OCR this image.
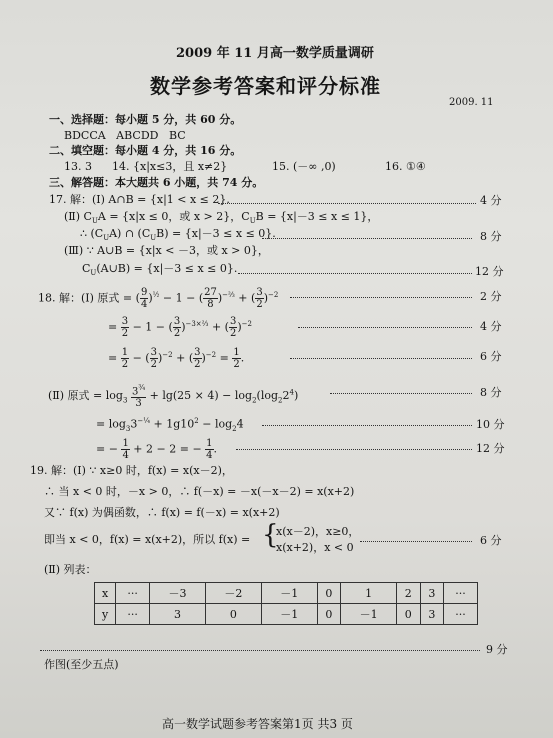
2009 年 11 月高一数学质量调研
数学参考答案和评分标准
2009. 11
一、选择题：每小题 5 分，共 60 分。
BDCCA   ABCDD   BC
二、填空题：每小题 4 分，共 16 分。
13. 3 14. {x|x≤3，且 x≠2}	15. (－∞ ,0)	16. ①④
三、解答题：本大题共 6 小题，共 74 分。
17. 解：(Ⅰ) A∩B = {x|1 < x ≤ 2}.	4 分
(Ⅱ) $C_UA = \{x|x \le 0$，或 x > 2}，$C_UB = \{x|-3 \le x \le 1\}$，
∴ $(C_UA)$ ∩ $(C_UB) = \{x|-3 \le x \le 0\}$.	8 分
(Ⅲ) ∵ A∪B = {x|x < －3，或 x > 0}，
$C_U(A\cup B) = \{x|-3 \le x \le 0\}$.	12 分
18. 解：(Ⅰ) 原式 = ( $\frac{9}{4} )^{\frac{1}{2}} - 1$ − ( $\frac{27}{8} )^{-\frac{2}{3}}$ + ( $\frac{3}{2} )^{-2}$	2 分
= $\frac{3}{2} - 1$ − ( $\frac{3}{2} )^{-3\times\frac{2}{3}}$ + ( $\frac{3}{2} )^{-2}$	4 分
= $\frac{1}{2}$ − ( $\frac{3}{2} )^{-2}$ + ( $\frac{3}{2} )^{-2} = \frac{1}{2}$ .	6 分
(Ⅱ) 原式 = $\log_3 \frac{3^{\frac{3}{4}}}{3} + \lg(25 \times 4) - \log_2(\log_22^4)$	8 分
= $\log_33^{-\frac{1}{4}} + 1g10^2 - \log_24$	10 分
= − $\frac{1}{4} + 2 - 2$ = − $\frac{1}{4}$ .	12 分
19. 解：(Ⅰ) ∵ x≥0 时，f(x) = x(x－2)，
∴ 当 x < 0 时，－x > 0，∴ f(－x) = －x(－x－2) = x(x+2)
又∵ f(x) 为偶函数，∴ f(x) = f(－x) = x(x+2)
即当 x < 0，f(x) = x(x+2)，所以 f(x) = {
x(x－2)，x≥0，
x(x+2)，x < 0
6 分
(Ⅱ) 列表：
x	···	－3	－2	－1	0	1	2	3	···
y	···	3	0	－1	0	－1	0	3	···
9 分
作图(至少五点)
高一数学试题参考答案第1页 共3 页
